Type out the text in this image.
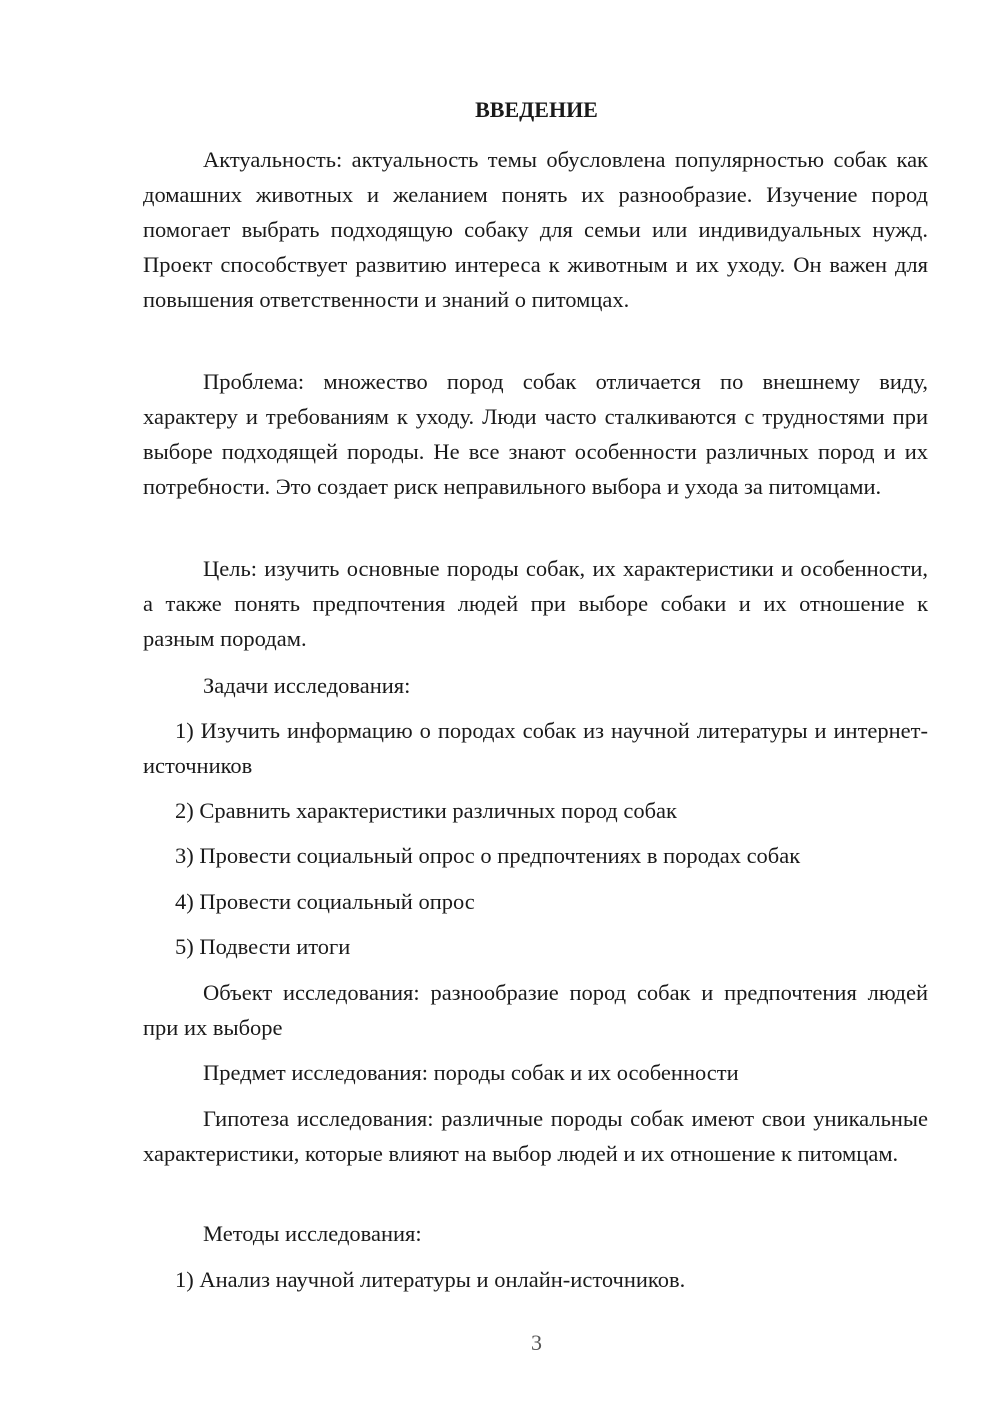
ВВЕДЕНИЕ

Актуальность: актуальность темы обусловлена популярностью собак как домашних животных и желанием понять их разнообразие. Изучение пород помогает выбрать подходящую собаку для семьи или индивидуальных нужд. Проект способствует развитию интереса к животным и их уходу. Он важен для повышения ответственности и знаний о питомцах.

Проблема: множество пород собак отличается по внешнему виду, характеру и требованиям к уходу. Люди часто сталкиваются с трудностями при выборе подходящей породы. Не все знают особенности различных пород и их потребности. Это создает риск неправильного выбора и ухода за питомцами.

Цель: изучить основные породы собак, их характеристики и особенности, а также понять предпочтения людей при выборе собаки и их отношение к разным породам.

Задачи исследования:

1) Изучить информацию о породах собак из научной литературы и интернет-источников

2) Сравнить характеристики различных пород собак

3) Провести социальный опрос о предпочтениях в породах собак

4) Провести социальный опрос

5) Подвести итоги

Объект исследования: разнообразие пород собак и предпочтения людей при их выборе

Предмет исследования: породы собак и их особенности

Гипотеза исследования: различные породы собак имеют свои уникальные характеристики, которые влияют на выбор людей и их отношение к питомцам.

Методы исследования:

1) Анализ научной литературы и онлайн-источников.

3
